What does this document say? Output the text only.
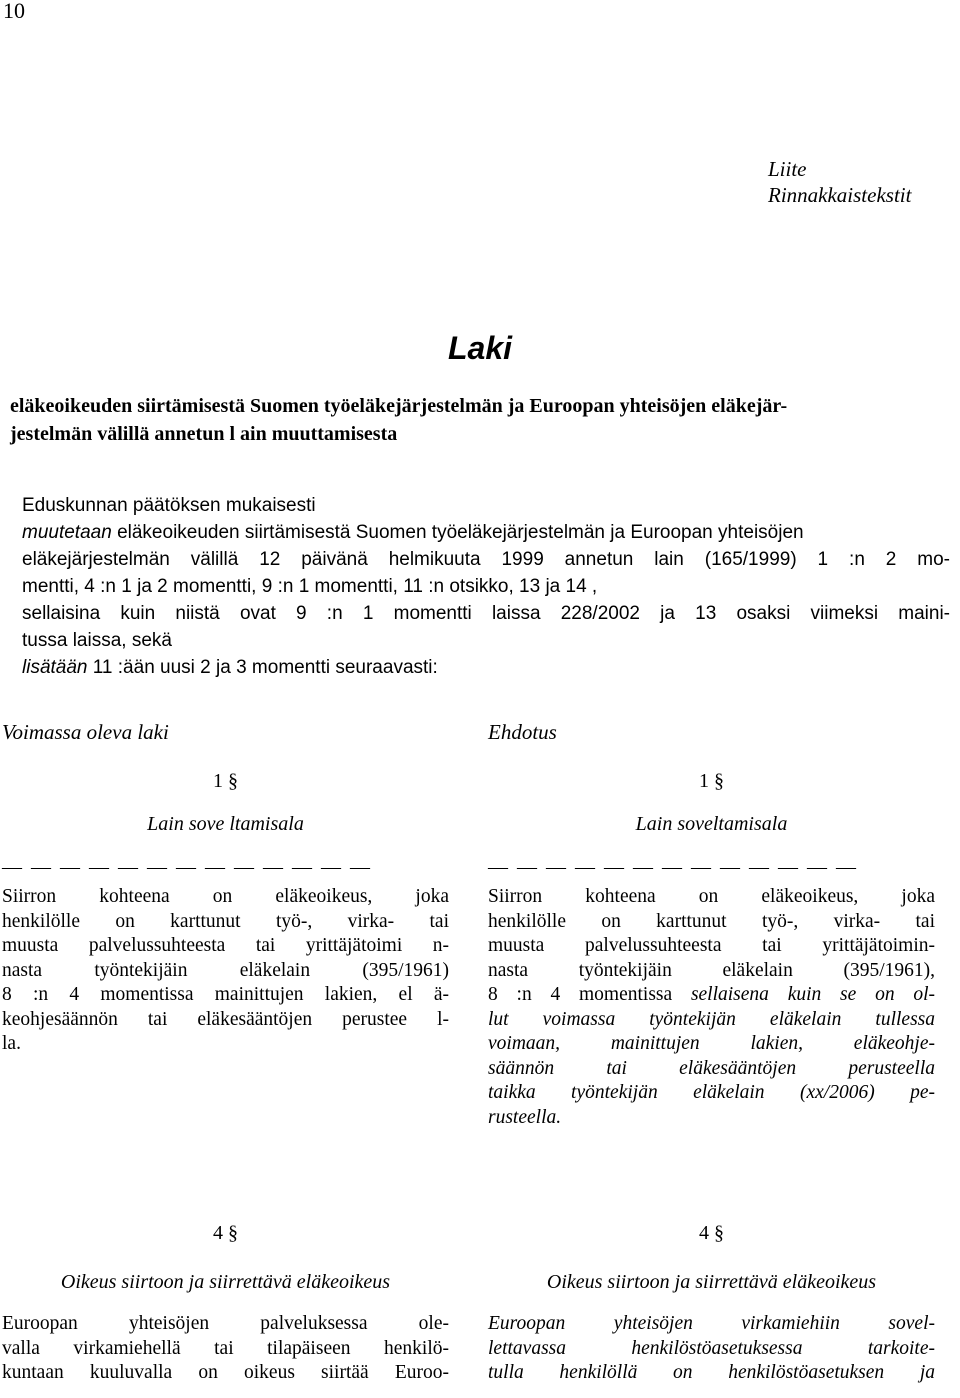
10
Liite
Rinnakkaistekstit
Laki
eläkeoikeuden siirtämisestä Suomen työeläkejärjestelmän ja Euroopan yhteisöjen eläkejär-
jestelmän välillä annetun l ain muuttamisesta
Eduskunnan päätöksen mukaisesti
muutetaan eläkeoikeuden siirtämisestä Suomen työeläkejärjestelmän ja Euroopan yhteisöjen
eläkejärjestelmän välillä 12 päivänä helmikuuta 1999 annetun lain (165/1999) 1 :n 2 mo-
mentti, 4 :n 1 ja 2 momentti, 9 :n 1 momentti, 11 :n otsikko, 13 ja 14 ,
sellaisina kuin niistä ovat 9 :n 1 momentti laissa 228/2002 ja 13 osaksi viimeksi maini-
tussa laissa, sekä
lisätään 11 :ään uusi 2 ja 3 momentti seuraavasti:
Voimassa oleva laki	Ehdotus
1 §
Lain sove ltamisala
— — — — — — — — — — — — —
Siirron kohteena on eläkeoikeus, joka
henkilölle on karttunut työ-, virka- tai
muusta palvelussuhteesta tai yrittäjätoimi n-
nasta työntekijäin eläkelain (395/1961)
8 :n 4 momentissa mainittujen lakien, el ä-
keohjesäännön tai eläkesääntöjen perustee l-
la.
1 §
Lain soveltamisala
— — — — — — — — — — — — —
Siirron kohteena on eläkeoikeus, joka
henkilölle on karttunut työ-, virka- tai
muusta palvelussuhteesta tai yrittäjätoimin-
nasta työntekijäin eläkelain (395/1961),
8 :n 4 momentissa sellaisena kuin se on ol-
lut voimassa työntekijän eläkelain tullessa
voimaan, mainittujen lakien, eläkeohje-
säännön tai eläkesääntöjen perusteella
taikka työntekijän eläkelain (xx/2006) pe-
rusteella.
4 §
Oikeus siirtoon ja siirrettävä eläkeoikeus
Euroopan yhteisöjen palveluksessa ole-
valla virkamiehellä tai tilapäiseen henkilö-
kuntaan kuuluvalla on oikeus siirtää Euroo-
4 §
Oikeus siirtoon ja siirrettävä eläkeoikeus
Euroopan yhteisöjen virkamiehiin sovel-
lettavassa henkilöstöasetuksessa tarkoite-
tulla henkilöllä on henkilöstöasetuksen ja
